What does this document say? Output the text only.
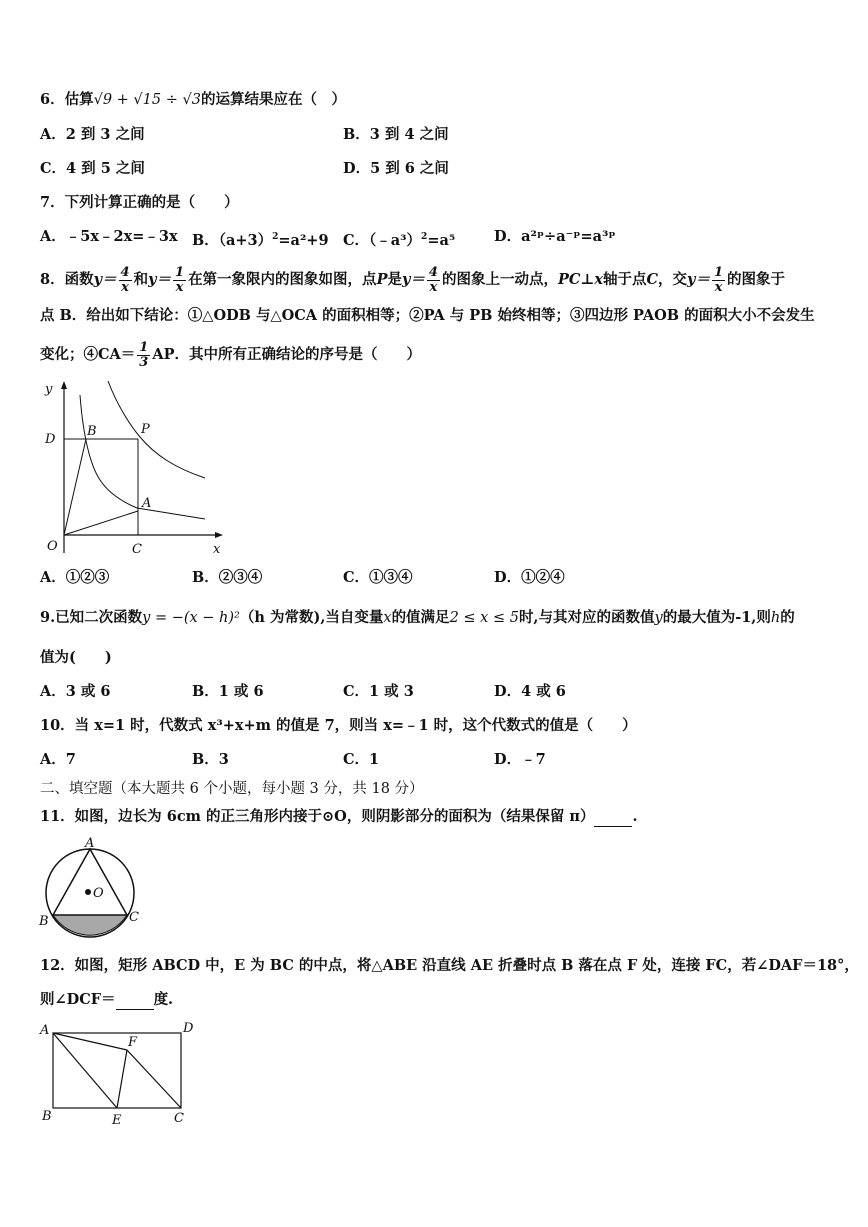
6．估算√9 + √15 ÷ √3的运算结果应在（　）
A．2 到 3 之间	B．3 到 4 之间
C．4 到 5 之间	D．5 到 6 之间
7．下列计算正确的是（　　）
A．﹣5x﹣2x=﹣3x B．$(a+3)^2=a^2+9$ C．（﹣a³）$^2$=a⁵	D．a²ᵖ÷a⁻ᵖ=a³ᵖ
8．函数$y= \frac{4}{x}$ 和$y= \frac{1}{x}$ 在第一象限内的图象如图，点P是$y= \frac{4}{x}$ 的图象上一动点，PC⊥x轴于点C，交$y= \frac{1}{x}$ 的图象于
点 B．给出如下结论：①△ODB 与△OCA 的面积相等；②PA 与 PB 始终相等；③四边形 PAOB 的面积大小不会发生
变化；④CA＝ $\frac{1}{3}$ AP．其中所有正确结论的序号是（　　）
y
x
O
D
B	P
A
C
A．①②③	B．②③④	C．①③④	D．①②④
9.已知二次函数y = −(x − h)²（h 为常数),当自变量x的值满足2 ≤ x ≤ 5时,与其对应的函数值y的最大值为-1,则h的
值为(　　)
A．3 或 6	B．1 或 6	C．1 或 3	D．4 或 6
10．当 x=1 时，代数式 x³+x+m 的值是 7，则当 x=﹣1 时，这个代数式的值是（　　）
A．7	B．3	C．1	D．﹣7
二、填空题（本大题共 6 个小题，每小题 3 分，共 18 分）
11．如图，边长为 6cm 的正三角形内接于⊙O，则阴影部分的面积为（结果保留 π）	.
A
O
B	C
12．如图，矩形 ABCD 中，E 为 BC 的中点，将△ABE 沿直线 AE 折叠时点 B 落在点 F 处，连接 FC，若∠DAF＝18°，
则∠DCF＝	度.
A	D
F
B	E	C
